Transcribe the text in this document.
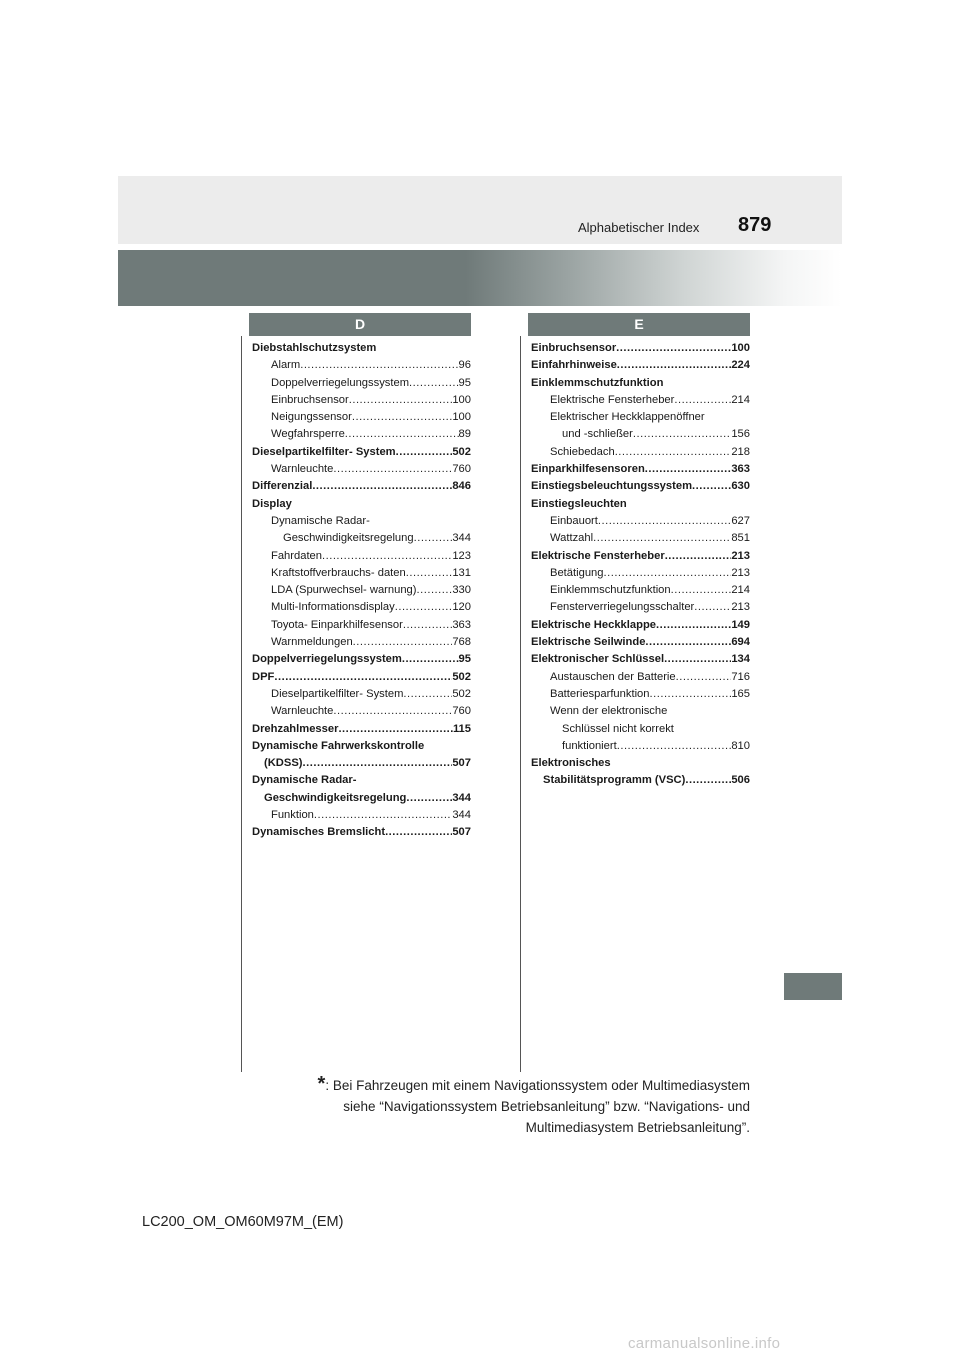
Alphabetischer Index 879
D	E
Diebstahlschutzsystem
Alarm .....	96
Doppelverriegelungssystem .....	95
Einbruchsensor .....	100
Neigungssensor .....	100
Wegfahrsperre .....	89
Dieselpartikelfilter- System .....	502
Warnleuchte .....	760
Differenzial .....	846
Display
Dynamische Radar-
Geschwindigkeitsregelung .....	344
Fahrdaten .....	123
Kraftstoffverbrauchs- daten .....	131
LDA (Spurwechsel- warnung) .....	330
Multi-Informationsdisplay .....	120
Toyota- Einparkhilfesensor .....	363
Warnmeldungen .....	768
Doppelverriegelungssystem .....	95
DPF .....	502
Dieselpartikelfilter- System .....	502
Warnleuchte .....	760
Drehzahlmesser .....	115
Dynamische Fahrwerkskontrolle
(KDSS) .....	507
Dynamische Radar-
Geschwindigkeitsregelung .....	344
Funktion .....	344
Dynamisches Bremslicht .....	507
Einbruchsensor .....	100
Einfahrhinweise .....	224
Einklemmschutzfunktion
Elektrische Fensterheber .....	214
Elektrischer Heckklappenöffner
und -schließer .....	156
Schiebedach .....	218
Einparkhilfesensoren .....	363
Einstiegsbeleuchtungssystem .....	630
Einstiegsleuchten
Einbauort .....	627
Wattzahl .....	851
Elektrische Fensterheber .....	213
Betätigung .....	213
Einklemmschutzfunktion .....	214
Fensterverriegelungsschalter .....	213
Elektrische Heckklappe .....	149
Elektrische Seilwinde .....	694
Elektronischer Schlüssel .....	134
Austauschen der Batterie .....	716
Batteriesparfunktion .....	165
Wenn der elektronische
Schlüssel nicht korrekt
funktioniert .....	810
Elektronisches
Stabilitätsprogramm (VSC) .....	506
*: Bei Fahrzeugen mit einem Navigationssystem oder Multimediasystem
siehe “Navigationssystem Betriebsanleitung” bzw. “Navigations- und
Multimediasystem Betriebsanleitung”.
LC200_OM_OM60M97M_(EM)
carmanualsonline.info
